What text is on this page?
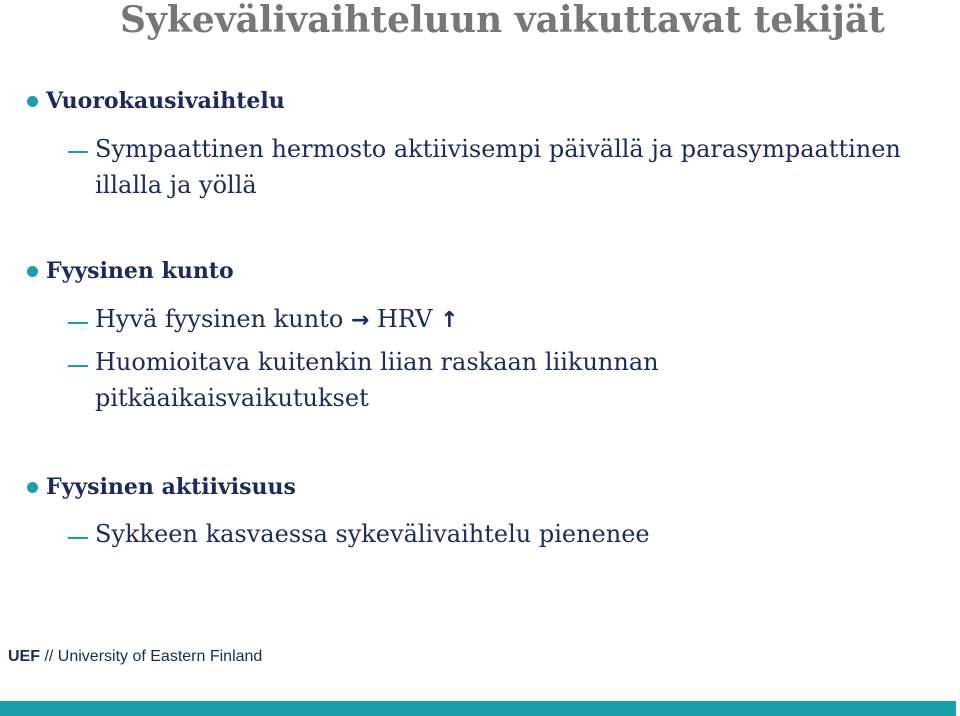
Sykevälivaihteluun vaikuttavat tekijät
Vuorokausivaihtelu
Sympaattinen hermosto aktiivisempi päivällä ja parasympaattinen
illalla ja yöllä
Fyysinen kunto
Hyvä fyysinen kunto → HRV ↑
Huomioitava kuitenkin liian raskaan liikunnan
pitkäaikaisvaikutukset
Fyysinen aktiivisuus
Sykkeen kasvaessa sykevälivaihtelu pienenee
UEF // University of Eastern Finland
